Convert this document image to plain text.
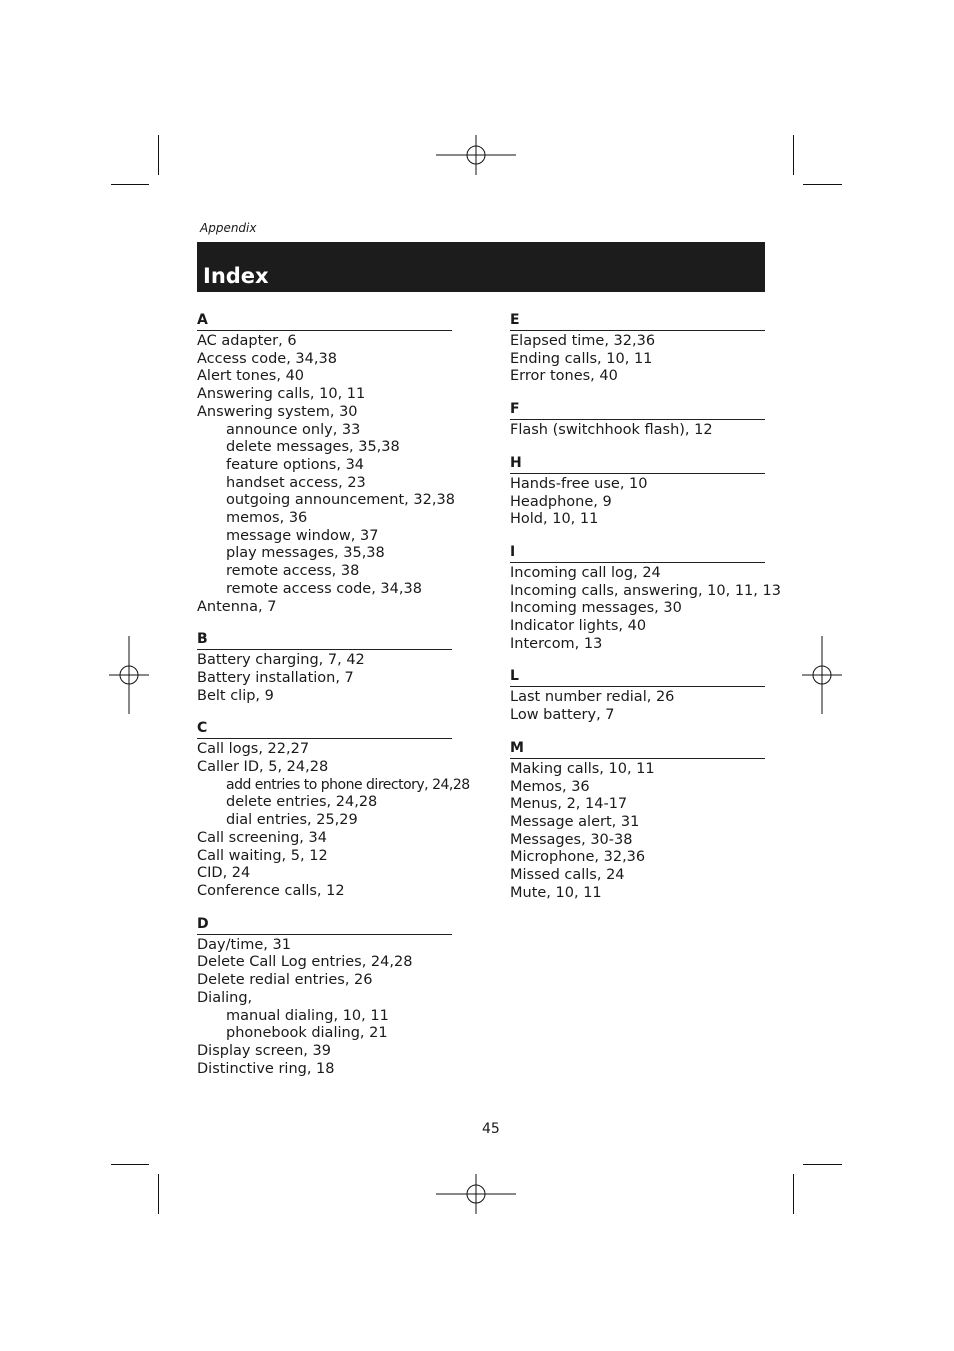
Appendix
Index
A
AC adapter, 6
Access code, 34,38
Alert tones, 40
Answering calls, 10, 11
Answering system, 30
announce only, 33
delete messages, 35,38
feature options, 34
handset access, 23
outgoing announcement, 32,38
memos, 36
message window, 37
play messages, 35,38
remote access, 38
remote access code, 34,38
Antenna, 7
B
Battery charging, 7, 42
Battery installation, 7
Belt clip, 9
C
Call logs, 22,27
Caller ID, 5, 24,28
add entries to phone directory, 24,28
delete entries, 24,28
dial entries, 25,29
Call screening, 34
Call waiting, 5, 12
CID, 24
Conference calls, 12
D
Day/time, 31
Delete Call Log entries, 24,28
Delete redial entries, 26
Dialing,
manual dialing, 10, 11
phonebook dialing, 21
Display screen, 39
Distinctive ring, 18
E
Elapsed time, 32,36
Ending calls, 10, 11
Error tones, 40
F
Flash (switchhook flash), 12
H
Hands-free use, 10
Headphone, 9
Hold, 10, 11
I
Incoming call log, 24
Incoming calls, answering, 10, 11, 13
Incoming messages, 30
Indicator lights, 40
Intercom, 13
L
Last number redial, 26
Low battery, 7
M
Making calls, 10, 11
Memos, 36
Menus, 2, 14-17
Message alert, 31
Messages, 30-38
Microphone, 32,36
Missed calls, 24
Mute, 10, 11
45
